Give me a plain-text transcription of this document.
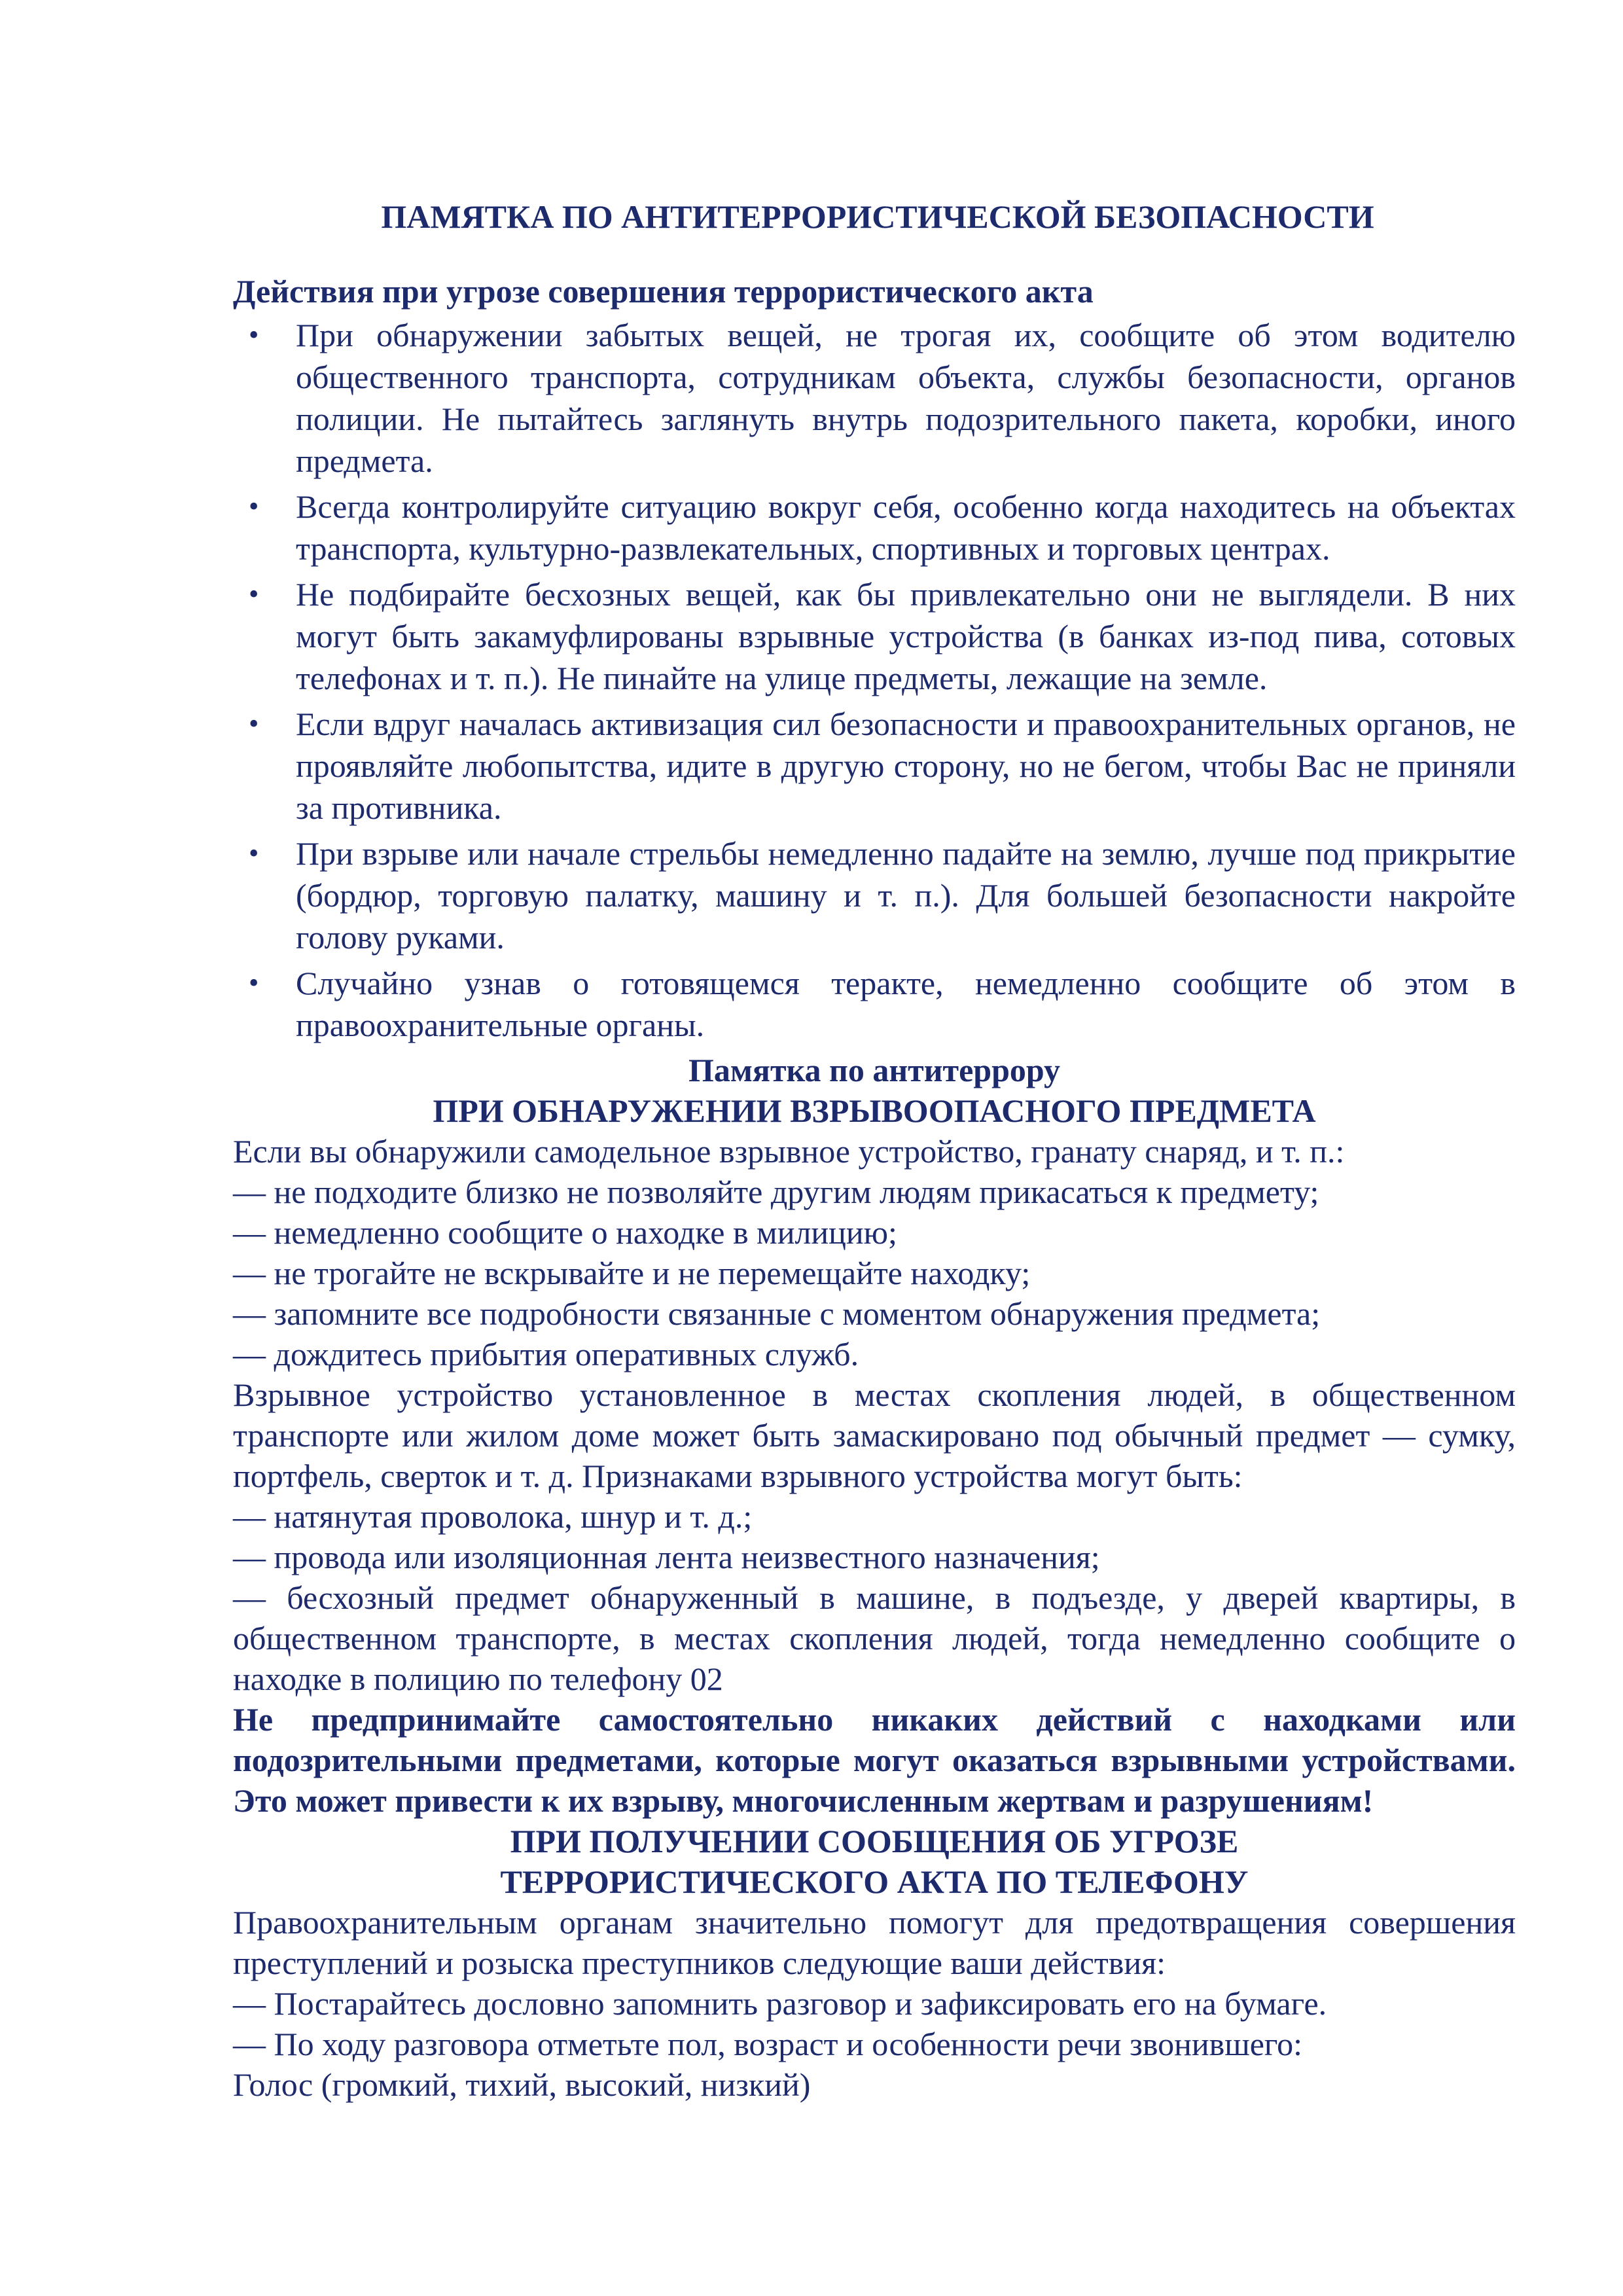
ПАМЯТКА ПО АНТИТЕРРОРИСТИЧЕСКОЙ БЕЗОПАСНОСТИ
Действия при угрозе совершения террористического акта
• При обнаружении забытых вещей, не трогая их, сообщите об этом водителю общественного транспорта, сотрудникам объекта, службы безопасности, органов полиции. Не пытайтесь заглянуть внутрь подозрительного пакета, коробки, иного предмета.
• Всегда контролируйте ситуацию вокруг себя, особенно когда находитесь на объектах транспорта, культурно-развлекательных, спортивных и торговых центрах.
• Не подбирайте бесхозных вещей, как бы привлекательно они не выглядели. В них могут быть закамуфлированы взрывные устройства (в банках из-под пива, сотовых телефонах и т. п.). Не пинайте на улице предметы, лежащие на земле.
• Если вдруг началась активизация сил безопасности и правоохранительных органов, не проявляйте любопытства, идите в другую сторону, но не бегом, чтобы Вас не приняли за противника.
• При взрыве или начале стрельбы немедленно падайте на землю, лучше под прикрытие (бордюр, торговую палатку, машину и т. п.). Для большей безопасности накройте голову руками.
• Случайно узнав о готовящемся теракте, немедленно сообщите об этом в правоохранительные органы.
Памятка по антитеррору
ПРИ ОБНАРУЖЕНИИ ВЗРЫВООПАСНОГО ПРЕДМЕТА
Если вы обнаружили самодельное взрывное устройство, гранату снаряд, и т. п.:
— не подходите близко не позволяйте другим людям прикасаться к предмету;
— немедленно сообщите о находке в милицию;
— не трогайте не вскрывайте и не перемещайте находку;
— запомните все подробности связанные с моментом обнаружения предмета;
— дождитесь прибытия оперативных служб.
Взрывное устройство установленное в местах скопления людей, в общественном транспорте или жилом доме может быть замаскировано под обычный предмет — сумку, портфель, сверток и т. д. Признаками взрывного устройства могут быть:
— натянутая проволока, шнур и т. д.;
— провода или изоляционная лента неизвестного назначения;
— бесхозный предмет обнаруженный в машине, в подъезде, у дверей квартиры, в общественном транспорте, в местах скопления людей, тогда немедленно сообщите о находке в полицию по телефону 02
Не предпринимайте самостоятельно никаких действий с находками или подозрительными предметами, которые могут оказаться взрывными устройствами. Это может привести к их взрыву, многочисленным жертвам и разрушениям!
ПРИ ПОЛУЧЕНИИ СООБЩЕНИЯ ОБ УГРОЗЕ
ТЕРРОРИСТИЧЕСКОГО АКТА ПО ТЕЛЕФОНУ
Правоохранительным органам значительно помогут для предотвращения совершения преступлений и розыска преступников следующие ваши действия:
— Постарайтесь дословно запомнить разговор и зафиксировать его на бумаге.
— По ходу разговора отметьте пол, возраст и особенности речи звонившего:
Голос (громкий, тихий, высокий, низкий)
